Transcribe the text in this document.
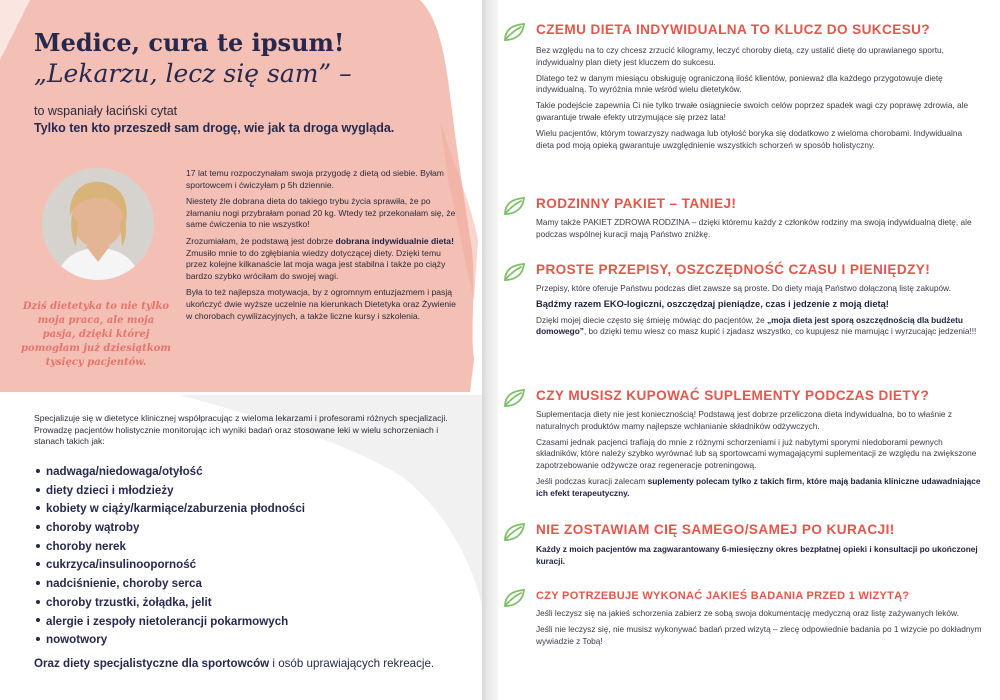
Medice, cura te ipsum!
„Lekarzu, lecz się sam” –
to wspaniały łaciński cytat
Tylko ten kto przeszedł sam drogę, wie jak ta droga wygląda.
Dziś dietetyka to nie tylko moja praca, ale moja pasja, dzięki której pomogłam już dziesiątkom tysięcy pacjentów.

17 lat temu rozpoczynałam swoja przygodę z dietą od siebie. Byłam sportowcem i ćwiczyłam p 5h dziennie.

Niestety źle dobrana dieta do takiego trybu życia sprawiła, że po złamaniu nogi przybrałam ponad 20 kg. Wtedy też przekonałam się, że same ćwiczenia to nie wszystko!

Zrozumiałam, że podstawą jest dobrze dobrana indywidualnie dieta! Zmusiło mnie to do zgłębiania wiedzy dotyczącej diety. Dzięki temu przez kolejne kilkanaście lat moja waga jest stabilna i także po ciąży bardzo szybko wróciłam do swojej wagi.

Była to też najlepsza motywacja, by z ogromnym entuzjazmem i pasją ukończyć dwie wyższe uczelnie na kierunkach Dietetyka oraz Żywienie w chorobach cywilizacyjnych, a także liczne kursy i szkolenia.

Specjalizuje się w dietetyce klinicznej współpracując z wieloma lekarzami i profesorami różnych specjalizacji. Prowadzę pacjentów holistycznie monitorując ich wyniki badań oraz stosowane leki w wielu schorzeniach i stanach takich jak:

nadwaga/niedowaga/otyłość
diety dzieci i młodzieży
kobiety w ciąży/karmiące/zaburzenia płodności
choroby wątroby
choroby nerek
cukrzyca/insulinooporność
nadciśnienie, choroby serca
choroby trzustki, żołądka, jelit
alergie i zespoły nietolerancji pokarmowych
nowotwory
Oraz diety specjalistyczne dla sportowców i osób uprawiających rekreacje.
CZEMU DIETA INDYWIDUALNA TO KLUCZ DO SUKCESU?

Bez względu na to czy chcesz zrzucić kilogramy, leczyć choroby dietą, czy ustalić dietę do uprawianego sportu, indywidualny plan diety jest kluczem do sukcesu.

Dlatego też w danym miesiącu obsługuję ograniczoną ilość klientów, ponieważ dla każdego przygotowuje dietę indywidualną. To wyróżnia mnie wśród wielu dietetyków.

Takie podejście zapewnia Ci nie tylko trwałe osiągniecie swoich celów poprzez spadek wagi czy poprawę zdrowia, ale gwarantuje trwałe efekty utrzymujące się przez lata!

Wielu pacjentów, którym towarzyszy nadwaga lub otyłość boryka się dodatkowo z wieloma chorobami. Indywidualna dieta pod moją opieką gwarantuje uwzględnienie wszystkich schorzeń w sposób holistyczny.

RODZINNY PAKIET – TANIEJ!

Mamy także PAKIET ZDROWA RODZINA – dzięki któremu każdy z członków rodziny ma swoją indywidualną dietę, ale podczas wspólnej kuracji mają Państwo zniżkę.

PROSTE PRZEPISY, OSZCZĘDNOŚĆ CZASU I PIENIĘDZY!

Przepisy, które oferuje Państwu podczas diet zawsze są proste. Do diety mają Państwo dołączoną listę zakupów.

Bądźmy razem EKO-logiczni, oszczędzaj pieniądze, czas i jedzenie z moją dietą!

Dzięki mojej diecie często się śmieję mówiąc do pacjentów, że „moja dieta jest sporą oszczędnością dla budżetu domowego”, bo dzięki temu wiesz co masz kupić i zjadasz wszystko, co kupujesz nie marnując i wyrzucając jedzenia!!!

CZY MUSISZ KUPOWAĆ SUPLEMENTY PODCZAS DIETY?

Suplementacja diety nie jest koniecznością! Podstawą jest dobrze przeliczona dieta indywidualna, bo to właśnie z naturalnych produktów mamy najlepsze wchłanianie składników odżywczych.

Czasami jednak pacjenci trafiają do mnie z różnymi schorzeniami i już nabytymi sporymi niedoborami pewnych składników, które należy szybko wyrównać lub są sportowcami wymagającymi suplementacji ze względu na zwiększone zapotrzebowanie odżywcze oraz regeneracje potreningową.

Jeśli podczas kuracji zalecam suplementy polecam tylko z takich firm, które mają badania kliniczne udawadniające ich efekt terapeutyczny.

NIE ZOSTAWIAM CIĘ SAMEGO/SAMEJ PO KURACJI!

Każdy z moich pacjentów ma zagwarantowany 6-miesięczny okres bezpłatnej opieki i konsultacji po ukończonej kuracji.

CZY POTRZEBUJE WYKONAĆ JAKIEŚ BADANIA PRZED 1 WIZYTĄ?

Jeśli leczysz się na jakieś schorzenia zabierz ze sobą swoja dokumentację medyczną oraz listę zażywanych leków.

Jeśli nie leczysz się, nie musisz wykonywać badań przed wizytą – zlecę odpowiednie badania po 1 wizycie po dokładnym wywiadzie z Tobą!
